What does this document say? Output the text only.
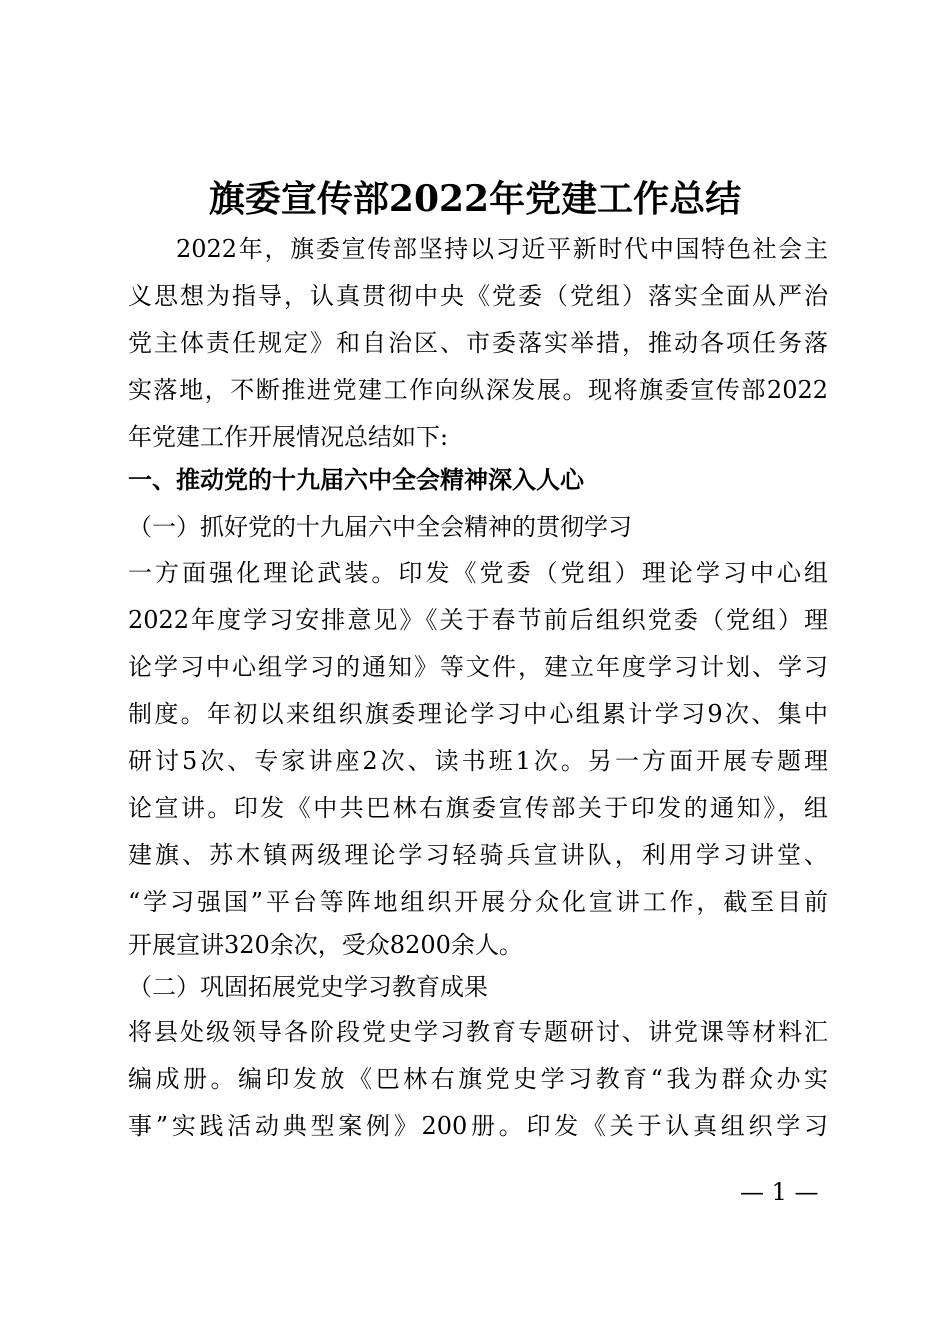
旗委宣传部2022年党建工作总结
2022年，旗委宣传部坚持以习近平新时代中国特色社会主
义思想为指导，认真贯彻中央《党委（党组）落实全面从严治
党主体责任规定》和自治区、市委落实举措，推动各项任务落
实落地，不断推进党建工作向纵深发展。现将旗委宣传部2022
年党建工作开展情况总结如下:
一、推动党的十九届六中全会精神深入人心
（一）抓好党的十九届六中全会精神的贯彻学习
一方面强化理论武装。印发《党委（党组）理论学习中心组
2022年度学习安排意见》《关于春节前后组织党委（党组）理
论学习中心组学习的通知》等文件，建立年度学习计划、学习
制度。年初以来组织旗委理论学习中心组累计学习9次、集中
研讨5次、专家讲座2次、读书班1次。另一方面开展专题理
论宣讲。印发《中共巴林右旗委宣传部关于印发的通知》，组
建旗、苏木镇两级理论学习轻骑兵宣讲队，利用学习讲堂、
“学习强国”平台等阵地组织开展分众化宣讲工作，截至目前
开展宣讲320余次，受众8200余人。
（二）巩固拓展党史学习教育成果
将县处级领导各阶段党史学习教育专题研讨、讲党课等材料汇
编成册。编印发放《巴林右旗党史学习教育“我为群众办实
事”实践活动典型案例》200册。印发《关于认真组织学习
— 1 —
